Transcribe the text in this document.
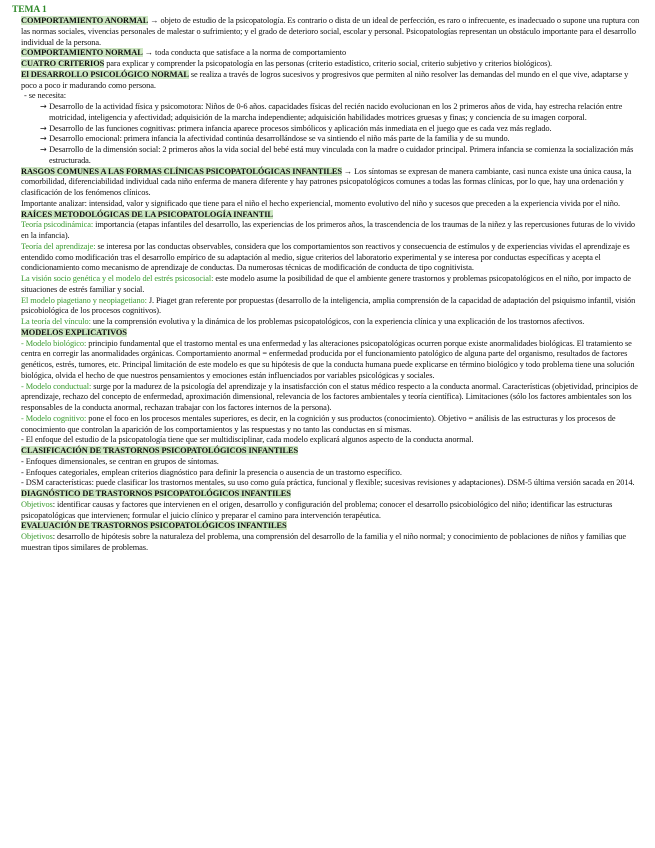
TEMA 1

COMPORTAMIENTO ANORMAL → objeto de estudio de la psicopatología. Es contrario o dista de un ideal de perfección, es raro o infrecuente, es inadecuado o supone una ruptura con las normas sociales, vivencias personales de malestar o sufrimiento; y el grado de deterioro social, escolar y personal. Psicopatologías representan un obstáculo importante para el desarrollo individual de la persona.

COMPORTAMIENTO NORMAL → toda conducta que satisface a la norma de comportamiento

CUATRO CRITERIOS para explicar y comprender la psicopatología en las personas (criterio estadístico, criterio social, criterio subjetivo y criterios biológicos).

El DESARROLLO PSICOLÓGICO NORMAL se realiza a través de logros sucesivos y progresivos que permiten al niño resolver las demandas del mundo en el que vive, adaptarse y poco a poco ir madurando como persona.

- se necesita:

→ Desarrollo de la actividad física y psicomotora: Niños de 0-6 años. capacidades físicas del recién nacido evolucionan en los 2 primeros años de vida, hay estrecha relación entre motricidad, inteligencia y afectividad; adquisición de la marcha independiente; adquisición habilidades motrices gruesas y finas; y conciencia de su imagen corporal.

→ Desarrollo de las funciones cognitivas: primera infancia aparece procesos simbólicos y aplicación más inmediata en el juego que es cada vez más reglado.

→ Desarrollo emocional: primera infancia la afectividad continúa desarrollándose se va sintiendo el niño más parte de la familia y de su mundo.

→ Desarrollo de la dimensión social: 2 primeros años la vida social del bebé está muy vinculada con la madre o cuidador principal. Primera infancia se comienza la socialización más estructurada.

RASGOS COMUNES A LAS FORMAS CLÍNICAS PSICOPATOLÓGICAS INFANTILES → Los síntomas se expresan de manera cambiante, casi nunca existe una única causa, la comorbilidad, diferenciabilidad individual cada niño enferma de manera diferente y hay patrones psicopatológicos comunes a todas las formas clínicas, por lo que, hay una ordenación y clasificación de los fenómenos clínicos.

Importante analizar: intensidad, valor y significado que tiene para el niño el hecho experiencial, momento evolutivo del niño y sucesos que preceden a la experiencia vivida por el niño.

RAÍCES METODOLÓGICAS DE LA PSICOPATOLOGÍA INFANTIL

Teoría psicodinámica: importancia (etapas infantiles del desarrollo, las experiencias de los primeros años, la trascendencia de los traumas de la niñez y las repercusiones futuras de lo vivido en la infancia).

Teoría del aprendizaje: se interesa por las conductas observables, considera que los comportamientos son reactivos y consecuencia de estímulos y de experiencias vividas el aprendizaje es entendido como modificación tras el desarrollo empírico de su adaptación al medio, sigue criterios del laboratorio experimental y se interesa por conductas específicas y acepta el condicionamiento como mecanismo de aprendizaje de conductas. Da numerosas técnicas de modificación de conducta de tipo cognitivista.

La visión socio genética y el modelo del estrés psicosocial: este modelo asume la posibilidad de que el ambiente genere trastornos y problemas psicopatológicos en el niño, por impacto de situaciones de estrés familiar y social.

El modelo piagetiano y neopiagetiano: J. Piaget gran referente por propuestas (desarrollo de la inteligencia, amplia comprensión de la capacidad de adaptación del psiquismo infantil, visión psicobiológica de los procesos cognitivos).

La teoría del vínculo: une la comprensión evolutiva y la dinámica de los problemas psicopatológicos, con la experiencia clínica y una explicación de los trastornos afectivos.

MODELOS EXPLICATIVOS

- Modelo biológico: principio fundamental que el trastorno mental es una enfermedad y las alteraciones psicopatológicas ocurren porque existe anormalidades biológicas. El tratamiento se centra en corregir las anormalidades orgánicas. Comportamiento anormal = enfermedad producida por el funcionamiento patológico de alguna parte del organismo, resultados de factores genéticos, estrés, tumores, etc. Principal limitación de este modelo es que su hipótesis de que la conducta humana puede explicarse en término biológico y todo problema tiene una solución biológica, olvida el hecho de que nuestros pensamientos y emociones están influenciados por variables psicológicas y sociales.

- Modelo conductual: surge por la madurez de la psicología del aprendizaje y la insatisfacción con el status médico respecto a la conducta anormal. Características (objetividad, principios de aprendizaje, rechazo del concepto de enfermedad, aproximación dimensional, relevancia de los factores ambientales y teoría científica). Limitaciones (sólo los factores ambientales son los responsables de la conducta anormal, rechazan trabajar con los factores internos de la persona).

- Modelo cognitivo: pone el foco en los procesos mentales superiores, es decir, en la cognición y sus productos (conocimiento). Objetivo = análisis de las estructuras y los procesos de conocimiento que controlan la aparición de los comportamientos y las respuestas y no tanto las conductas en sí mismas.

- El enfoque del estudio de la psicopatología tiene que ser multidisciplinar, cada modelo explicará algunos aspecto de la conducta anormal.

CLASIFICACIÓN DE TRASTORNOS PSICOPATOLÓGICOS INFANTILES

- Enfoques dimensionales, se centran en grupos de síntomas.

- Enfoques categoriales, emplean criterios diagnóstico para definir la presencia o ausencia de un trastorno específico.

- DSM características: puede clasificar los trastornos mentales, su uso como guía práctica, funcional y flexible; sucesivas revisiones y adaptaciones). DSM-5 última versión sacada en 2014.

DIAGNÓSTICO DE TRASTORNOS PSICOPATOLÓGICOS INFANTILES

Objetivos: identificar causas y factores que intervienen en el origen, desarrollo y configuración del problema; conocer el desarrollo psicobiológico del niño; identificar las estructuras psicopatológicas que intervienen; formular el juicio clínico y preparar el camino para intervención terapéutica.

EVALUACIÓN DE TRASTORNOS PSICOPATOLÓGICOS INFANTILES

Objetivos: desarrollo de hipótesis sobre la naturaleza del problema, una comprensión del desarrollo de la familia y el niño normal; y conocimiento de poblaciones de niños y familias que muestran tipos similares de problemas.
